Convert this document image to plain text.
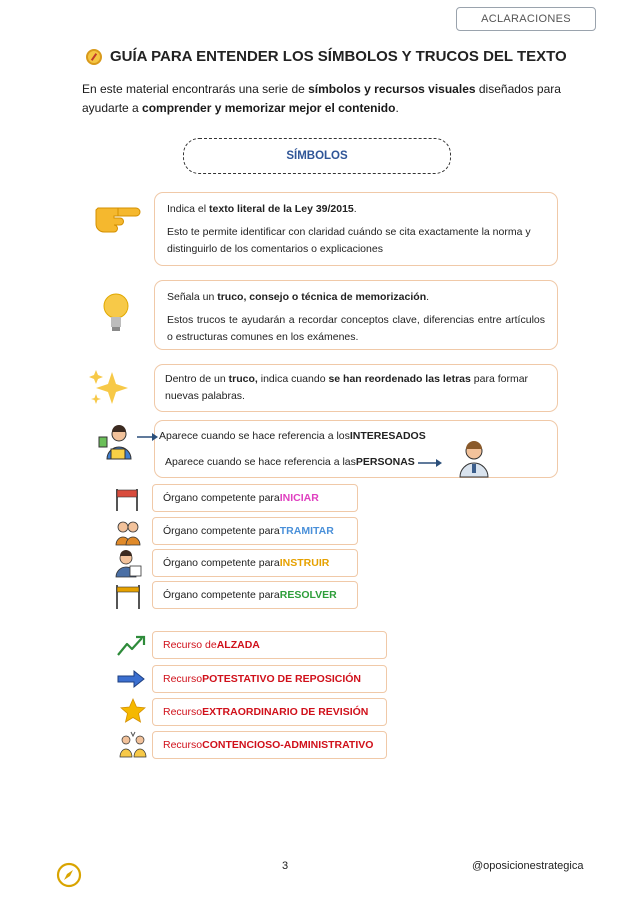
ACLARACIONES
GUÍA PARA ENTENDER LOS SÍMBOLOS Y TRUCOS DEL TEXTO
En este material encontrarás una serie de símbolos y recursos visuales diseñados para ayudarte a comprender y memorizar mejor el contenido.
SÍMBOLOS

Indica el texto literal de la Ley 39/2015.

Esto te permite identificar con claridad cuándo se cita exactamente la norma y distinguirlo de los comentarios o explicaciones

Señala un truco, consejo o técnica de memorización.

Estos trucos te ayudarán a recordar conceptos clave, diferencias entre artículos o estructuras comunes en los exámenes.

Dentro de un truco, indica cuando se han reordenado las letras para formar nuevas palabras.

Aparece cuando se hace referencia a los INTERESADOS
Aparece cuando se hace referencia a las PERSONAS
Órgano competente para INICIAR
Órgano competente para TRAMITAR
Órgano competente para INSTRUIR
Órgano competente para RESOLVER
Recurso de ALZADA
Recurso POTESTATIVO DE REPOSICIÓN
Recurso EXTRAORDINARIO DE REVISIÓN
Recurso CONTENCIOSO-ADMINISTRATIVO
3	@oposicionestrategica
